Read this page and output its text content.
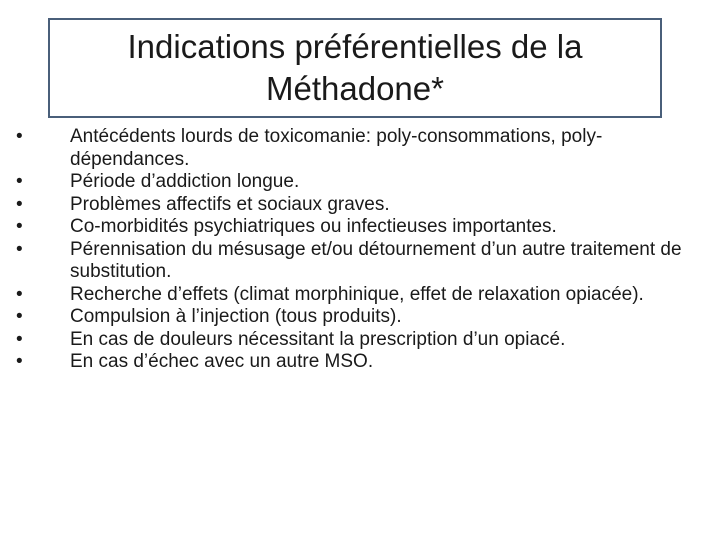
Indications préférentielles de la
Méthadone*
• Antécédents lourds de toxicomanie: poly-consommations, poly-dépendances.
• Période d’addiction longue.
• Problèmes affectifs et sociaux graves.
• Co-morbidités psychiatriques ou infectieuses importantes.
• Pérennisation du mésusage et/ou détournement d’un autre traitement de substitution.
• Recherche d’effets (climat morphinique, effet de relaxation opiacée).
• Compulsion à l’injection (tous produits).
• En cas de douleurs nécessitant la prescription d’un opiacé.
• En cas d’échec avec un autre MSO.
